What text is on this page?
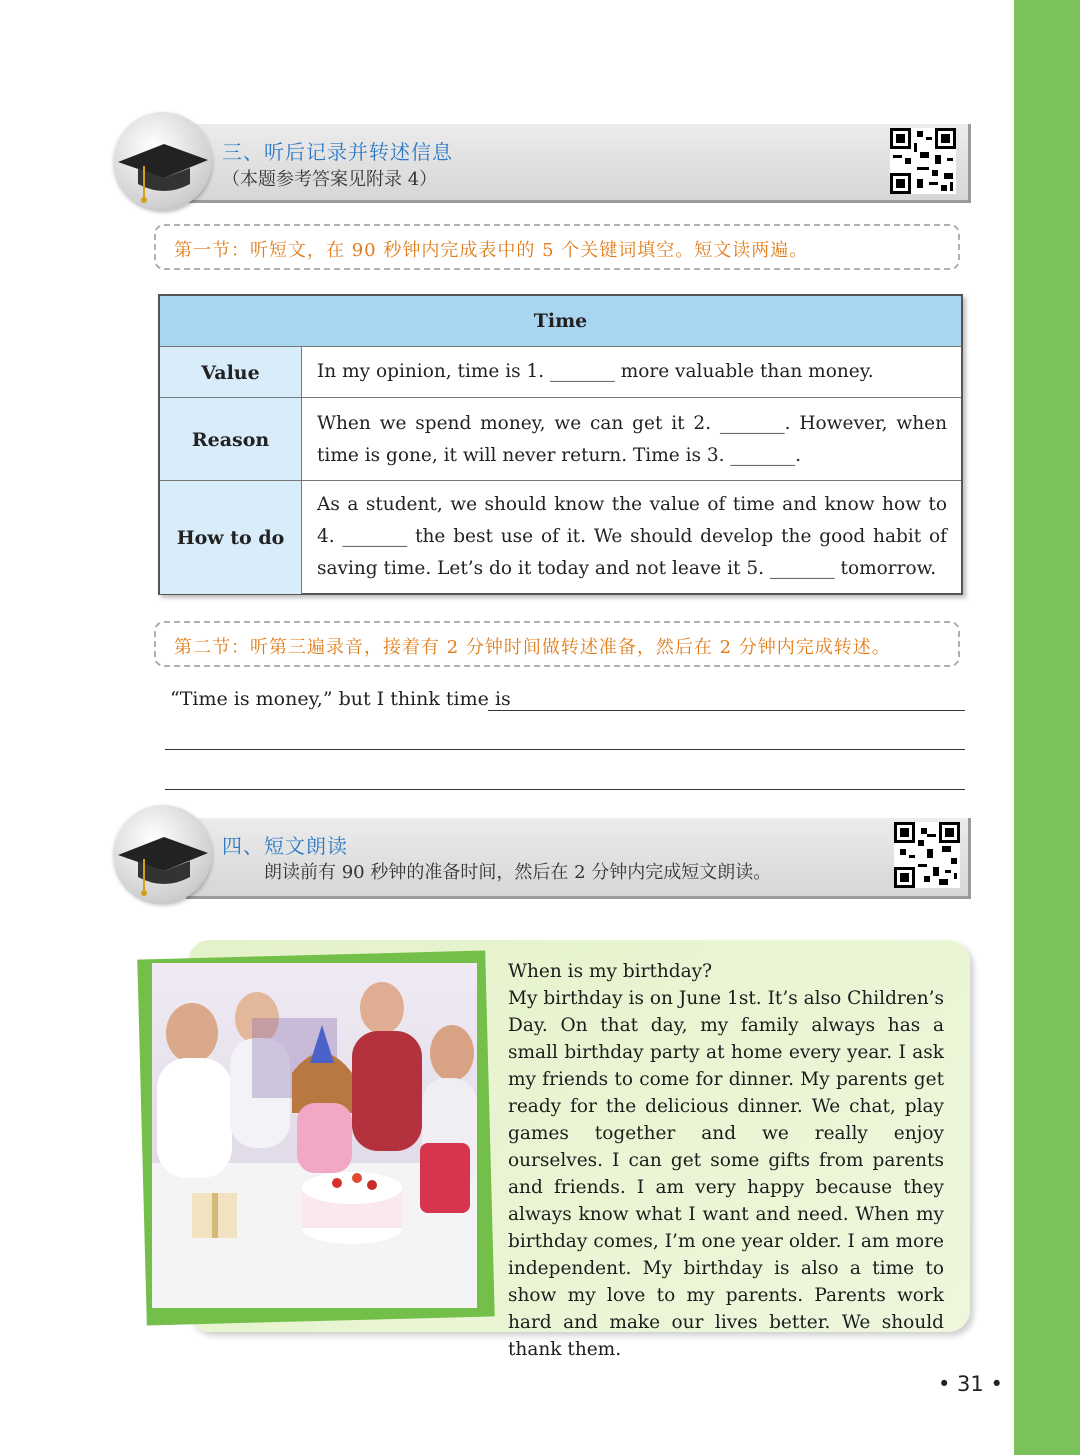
三、听后记录并转述信息
（本题参考答案见附录 4）
第一节：听短文，在 90 秒钟内完成表中的 5 个关键词填空。短文读两遍。
Time
Value	In my opinion, time is 1. _______ more valuable than money.
Reason
When we spend money, we can get it 2. _______. However, when time is gone, it will never return. Time is 3. _______.
How to do
As a student, we should know the value of time and know how to 4. _______ the best use of it. We should develop the good habit of saving time. Let’s do it today and not leave it 5. _______ tomorrow.
第二节：听第三遍录音，接着有 2 分钟时间做转述准备，然后在 2 分钟内完成转述。
“Time is money,” but I think time is
四、短文朗读
朗读前有 90 秒钟的准备时间，然后在 2 分钟内完成短文朗读。

When is my birthday?

My birthday is on June 1st. It’s also Children’s Day. On that day, my family always has a small birthday party at home every year. I ask my friends to come for dinner. My parents get ready for the delicious dinner. We chat, play games together and we really enjoy ourselves. I can get some gifts from parents and friends. I am very happy because they always know what I want and need. When my birthday comes, I’m one year older. I am more independent. My birthday is also a time to show my love to my parents. Parents work hard and make our lives better. We should thank them.

• 31 •
